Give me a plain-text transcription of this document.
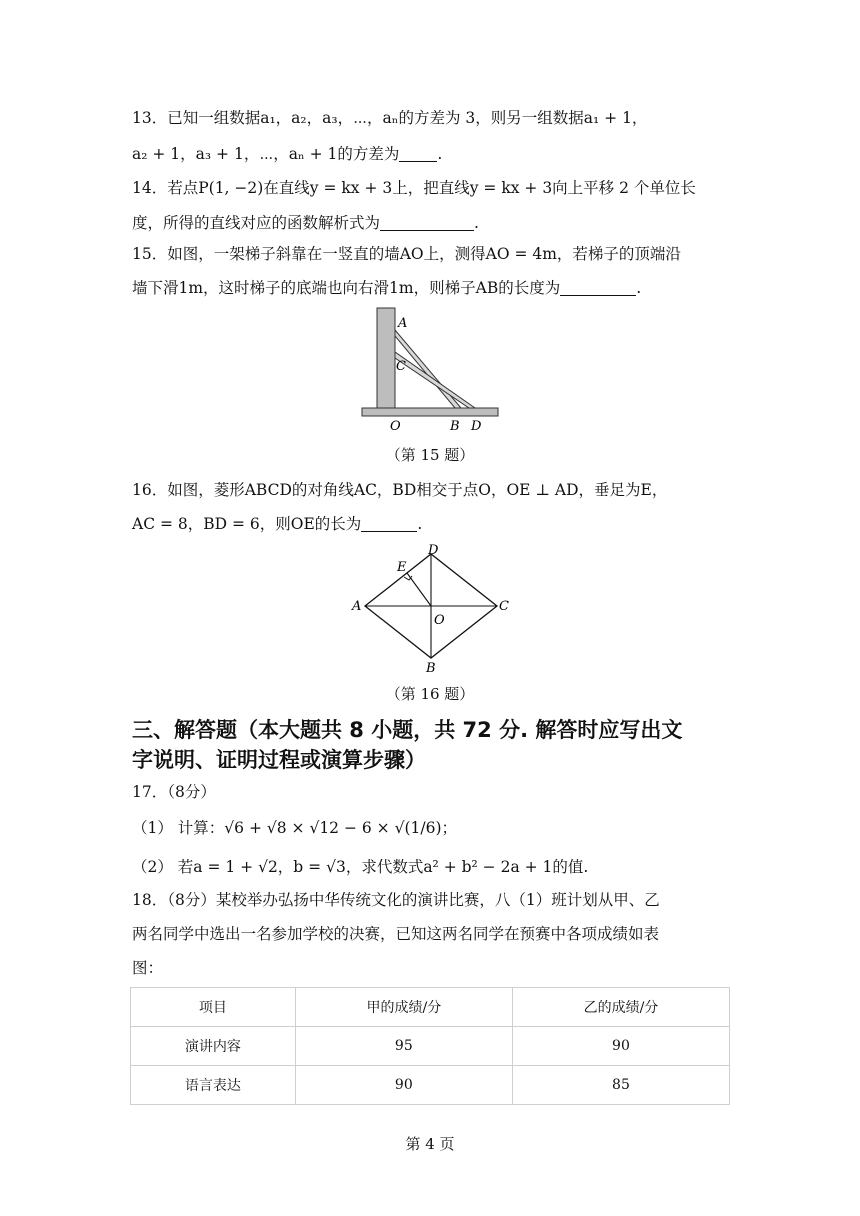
13．已知一组数据a₁，a₂，a₃，⋯，aₙ的方差为 3，则另一组数据a₁ + 1，
a₂ + 1，a₃ + 1，⋯，aₙ + 1的方差为 .
14．若点P(1, −2)在直线y = kx + 3上，把直线y = kx + 3向上平移 2 个单位长
度，所得的直线对应的函数解析式为	.
15．如图，一架梯子斜靠在一竖直的墙AO上，测得AO = 4m，若梯子的顶端沿
墙下滑1m，这时梯子的底端也向右滑1m，则梯子AB的长度为	.
A
C
O	B D
（第 15 题）
16．如图，菱形ABCD的对角线AC，BD相交于点O，OE ⊥ AD，垂足为E，
AC = 8，BD = 6，则OE的长为	.
A
D
C
B
E
O
（第 16 题）
三、解答题（本大题共 8 小题，共 72 分. 解答时应写出文
字说明、证明过程或演算步骤）
17．（8分）
（1） 计算：√6 + √8 × √12 − 6 × √(1/6)；
（2） 若a = 1 + √2，b = √3，求代数式a² + b² − 2a + 1的值.
18．（8分）某校举办弘扬中华传统文化的演讲比赛，八（1）班计划从甲、乙
两名同学中选出一名参加学校的决赛，已知这两名同学在预赛中各项成绩如表
图：
项目	甲的成绩/分	乙的成绩/分
演讲内容	95	90
语言表达	90	85
第 4 页
